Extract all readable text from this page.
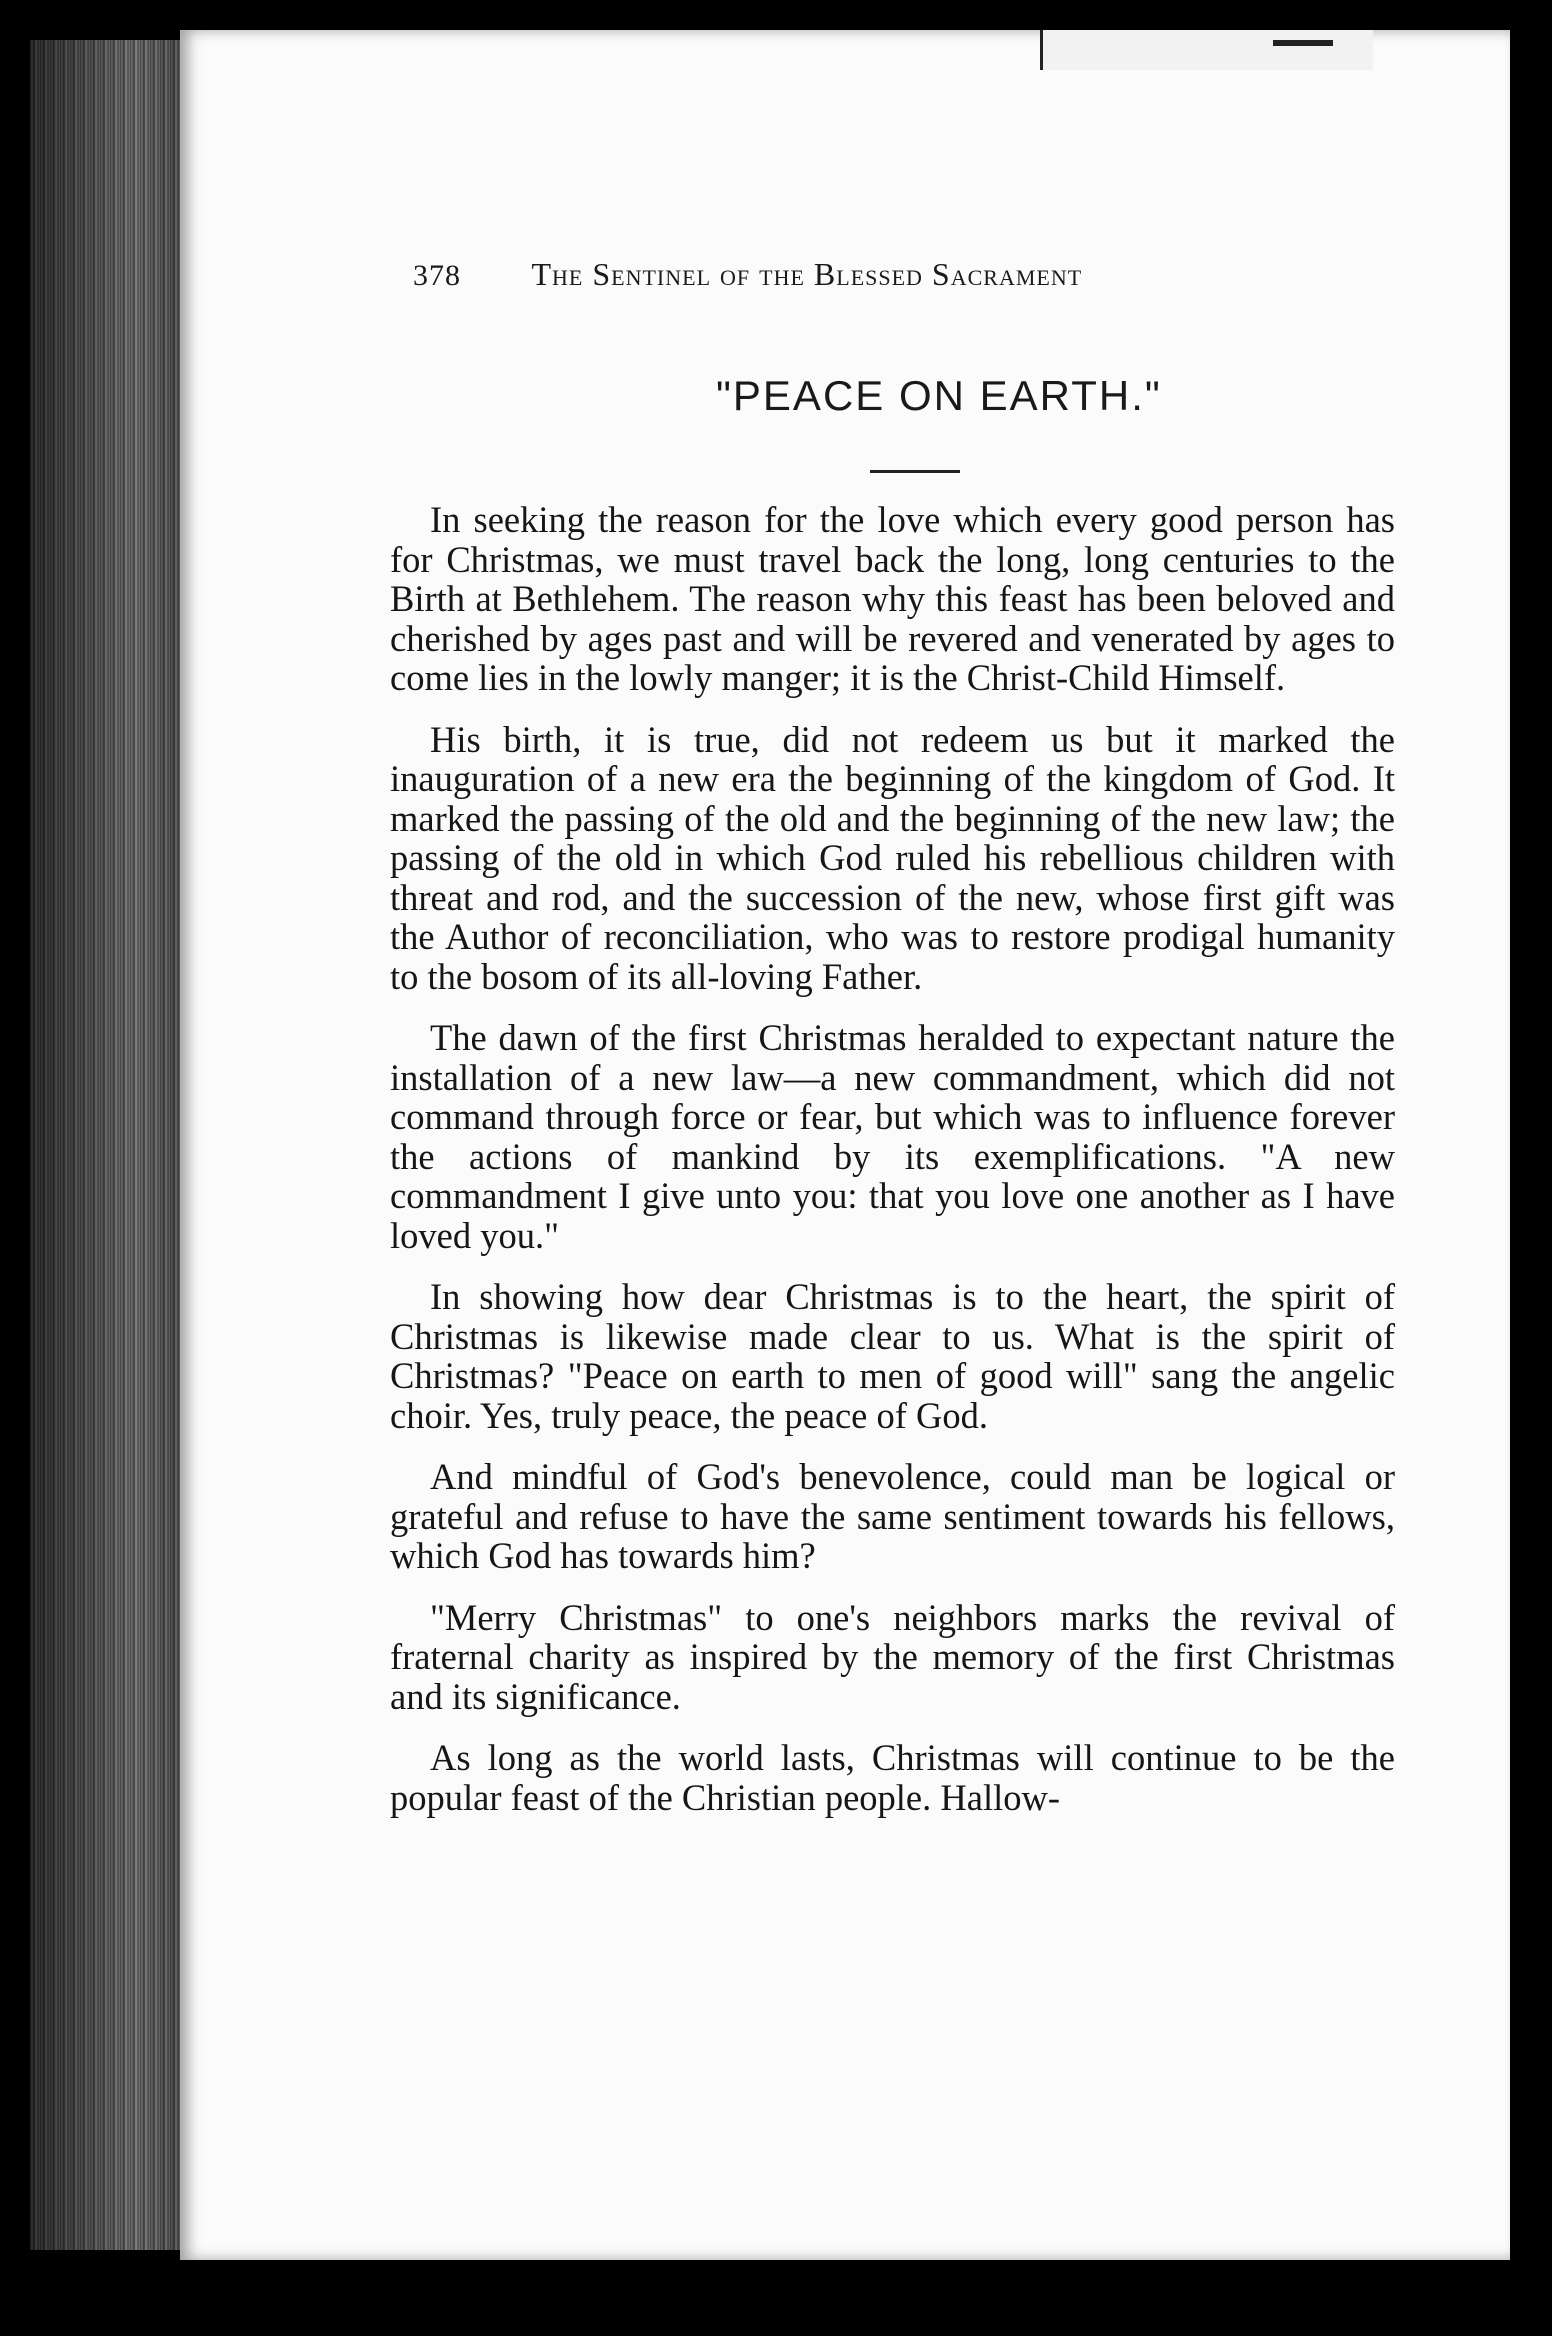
378 The Sentinel of the Blessed Sacrament
"PEACE ON EARTH."

In seeking the reason for the love which every good person has for Christmas, we must travel back the long, long centuries to the Birth at Bethlehem. The reason why this feast has been beloved and cherished by ages past and will be revered and venerated by ages to come lies in the lowly manger; it is the Christ-Child Himself.

His birth, it is true, did not redeem us but it marked the inauguration of a new era the beginning of the kingdom of God. It marked the passing of the old and the beginning of the new law; the passing of the old in which God ruled his rebellious children with threat and rod, and the succession of the new, whose first gift was the Author of reconciliation, who was to restore prodigal humanity to the bosom of its all-loving Father.

The dawn of the first Christmas heralded to expectant nature the installation of a new law—a new commandment, which did not command through force or fear, but which was to influence forever the actions of mankind by its exemplifications. "A new commandment I give unto you: that you love one another as I have loved you."

In showing how dear Christmas is to the heart, the spirit of Christmas is likewise made clear to us. What is the spirit of Christmas? "Peace on earth to men of good will" sang the angelic choir. Yes, truly peace, the peace of God.

And mindful of God's benevolence, could man be logical or grateful and refuse to have the same sentiment towards his fellows, which God has towards him?

"Merry Christmas" to one's neighbors marks the revival of fraternal charity as inspired by the memory of the first Christmas and its significance.

As long as the world lasts, Christmas will continue to be the popular feast of the Christian people. Hallow-
